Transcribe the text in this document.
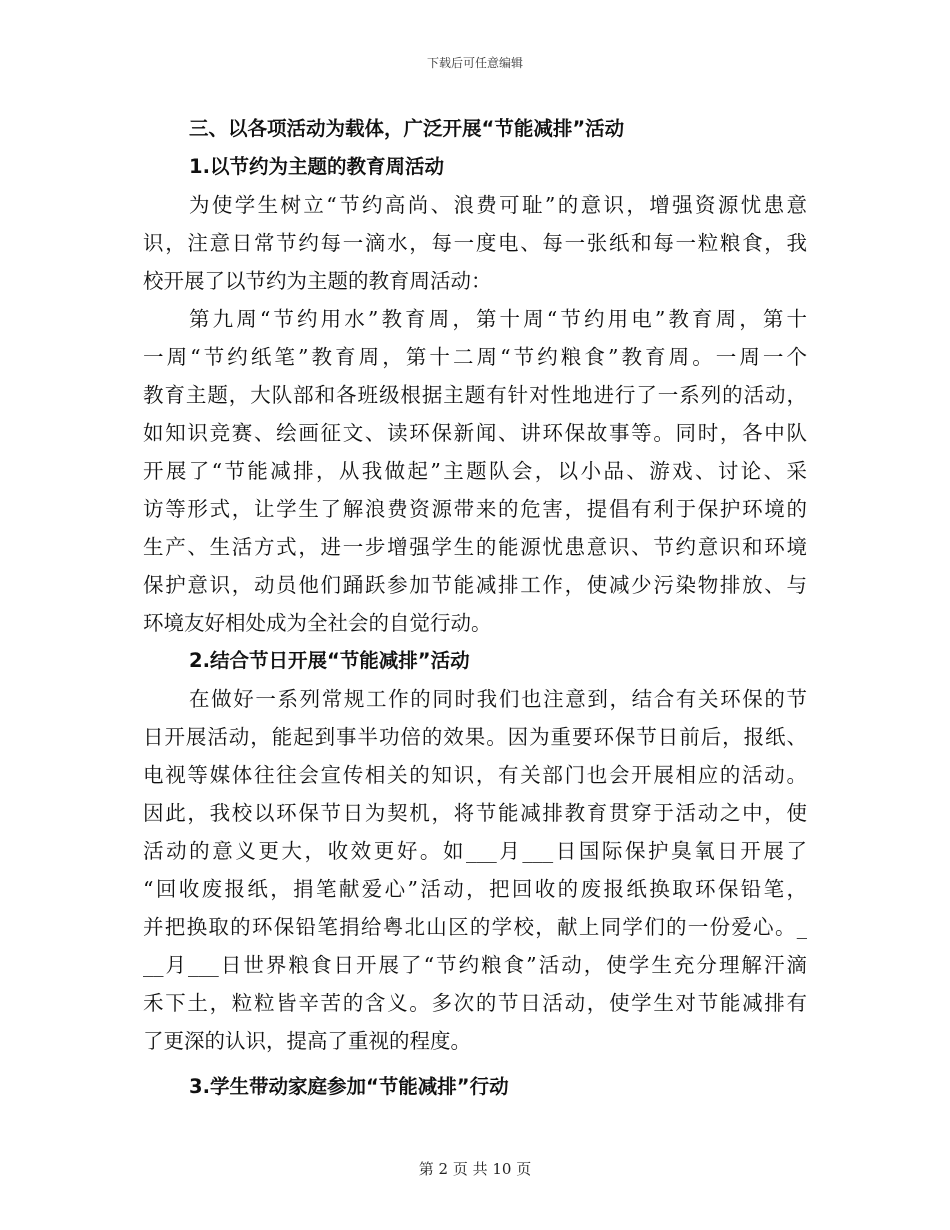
下载后可任意编辑
三、以各项活动为载体，广泛开展“节能减排”活动
1.以节约为主题的教育周活动
为使学生树立“节约高尚、浪费可耻”的意识，增强资源忧患意
识，注意日常节约每一滴水，每一度电、每一张纸和每一粒粮食，我
校开展了以节约为主题的教育周活动：
第九周“节约用水”教育周，第十周“节约用电”教育周，第十
一周“节约纸笔”教育周，第十二周“节约粮食”教育周。一周一个
教育主题，大队部和各班级根据主题有针对性地进行了一系列的活动，
如知识竞赛、绘画征文、读环保新闻、讲环保故事等。同时，各中队
开展了“节能减排，从我做起”主题队会，以小品、游戏、讨论、采
访等形式，让学生了解浪费资源带来的危害，提倡有利于保护环境的
生产、生活方式，进一步增强学生的能源忧患意识、节约意识和环境
保护意识，动员他们踊跃参加节能减排工作，使减少污染物排放、与
环境友好相处成为全社会的自觉行动。
2.结合节日开展“节能减排”活动
在做好一系列常规工作的同时我们也注意到，结合有关环保的节
日开展活动，能起到事半功倍的效果。因为重要环保节日前后，报纸、
电视等媒体往往会宣传相关的知识，有关部门也会开展相应的活动。
因此，我校以环保节日为契机，将节能减排教育贯穿于活动之中，使
活动的意义更大，收效更好。如___月___日国际保护臭氧日开展了
“回收废报纸，捐笔献爱心”活动，把回收的废报纸换取环保铅笔，
并把换取的环保铅笔捐给粤北山区的学校，献上同学们的一份爱心。_
__月___日世界粮食日开展了“节约粮食”活动，使学生充分理解汗滴
禾下土，粒粒皆辛苦的含义。多次的节日活动，使学生对节能减排有
了更深的认识，提高了重视的程度。
3.学生带动家庭参加“节能减排”行动
第 2 页 共 10 页
